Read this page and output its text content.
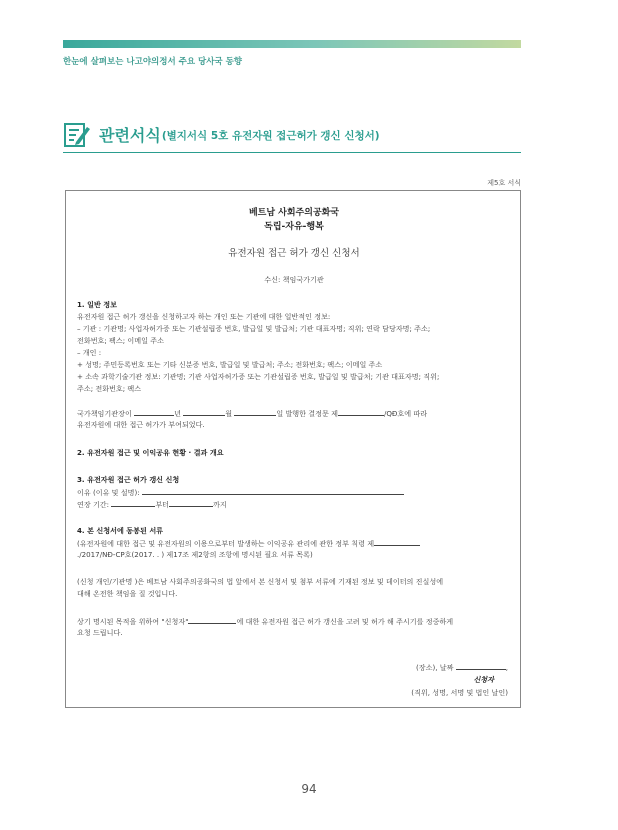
한눈에 살펴보는 나고야의정서 주요 당사국 동향
관련서식 (별지서식 5호 유전자원 접근허가 갱신 신청서)
제5호 서식
베트남 사회주의공화국
독립-자유-행복
유전자원 접근 허가 갱신 신청서
수신: 책임국가기관
1. 일반 정보
유전자원 접근 허가 갱신을 신청하고자 하는 개인 또는 기관에 대한 일반적인 정보:
– 기관 : 기관명; 사업자허가증 또는 기관설립증 번호, 발급일 및 발급처; 기관 대표자명; 직위; 연락 담당자명; 주소;
전화번호; 팩스; 이메일 주소
– 개인 :
+ 성명; 주민등록번호 또는 기타 신분증 번호, 발급일 및 발급처; 주소; 전화번호; 팩스; 이메일 주소
+ 소속 과학기술기관 정보: 기관명; 기관 사업자허가증 또는 기관설립증 번호, 발급일 및 발급처; 기관 대표자명; 직위;
주소; 전화번호; 팩스
국가책임기관장이	년	월	일 발행한 결정문 제	/QĐ호에 따라
유전자원에 대한 접근 허가가 부여되었다.
2. 유전자원 접근 및 이익공유 현황 · 결과 개요
3. 유전자원 접근 허가 갱신 신청
이유 (이유 및 설명):
연장 기간:	부터	까지
4. 본 신청서에 동봉된 서류
(유전자원에 대한 접근 및 유전자원의 이용으로부터 발생하는 이익공유 관리에 관한 정부 칙령 제
./2017/NĐ-CP호(2017. . ) 제17조 제2항의 조항에 명시된 필요 서류 목록)
(신청 개인/기관명 )은 베트남 사회주의공화국의 법 앞에서 본 신청서 및 첨부 서류에 기재된 정보 및 데이터의 진실성에
대해 온전한 책임을 질 것입니다.
상기 명시된 목적을 위하여 "신청자"	에 대한 유전자원 접근 허가 갱신을 고려 및 허가 해 주시기를 정중하게
요청 드립니다.
(장소), 날짜	,
신청자
(직위, 성명, 서명 및 법인 날인)
94
